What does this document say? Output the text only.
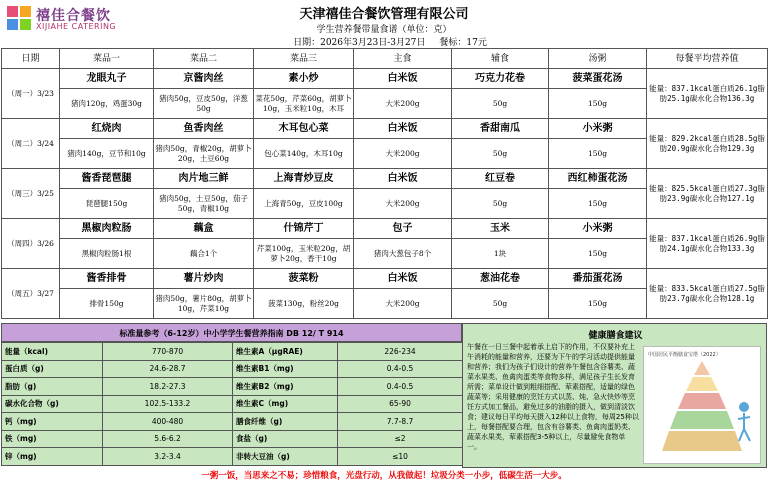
禧佳合餐饮
XIJIAHE CATERING
天津禧佳合餐饮管理有限公司
学生营养餐带量食谱（单位：克）
日期：2026年3月23日-3月27日 餐标：17元
日期	菜品一	菜品二	菜品三	主食	辅食	汤粥	每餐平均营养值
（周一）3/23	龙眼丸子	京酱肉丝	素小炒	白米饭	巧克力花卷	菠菜蛋花汤	能量：837.1kcal蛋白质26.1g脂肪25.1g碳水化合物136.3g
	猪肉120g，鸡蛋30g	猪肉50g，豆皮50g，洋葱50g	菜花50g，芹菜60g，胡萝卜10g，玉米粒10g，木耳	大米200g	50g	150g	
（周二）3/24	红烧肉	鱼香肉丝	木耳包心菜	白米饭	香甜南瓜	小米粥	能量：829.2kcal蛋白质28.5g脂肪20.9g碳水化合物129.3g
	猪肉140g，豆节和10g	猪肉50g，青椒20g，胡萝卜20g，土豆60g	包心菜140g，木耳10g	大米200g	50g	150g	
（周三）3/25	酱香琵琶腿	肉片地三鲜	上海青炒豆皮	白米饭	红豆卷	西红柿蛋花汤	能量：825.5kcal蛋白质27.3g脂肪23.9g碳水化合物127.1g
	琵琶腿150g	猪肉50g，土豆50g，茄子50g，青椒10g	上海青50g，豆皮100g	大米200g	50g	150g	
（周四）3/26	黑椒肉粒肠	藕盒	什锦芹丁	包子	玉米	小米粥	能量：837.1kcal蛋白质26.9g脂肪24.1g碳水化合物133.3g
	黑椒肉粒肠1根	藕合1个	芹菜100g，玉米粒20g，胡萝卜20g，香干10g	猪肉大葱包子8个	1块	150g	
（周五）3/27	酱香排骨	薯片炒肉	菠菜粉	白米饭	葱油花卷	番茄蛋花汤	能量：833.5kcal蛋白质27.5g脂肪23.7g碳水化合物128.1g
	排骨150g	猪肉50g，薯片80g，胡萝卜10g，芹菜10g	菠菜130g，粉丝20g	大米200g	50g	150g	
标准量参考（6-12岁）中小学学生餐营养指南 DB 12/ T 914
能量（kcal)	770-870	维生素A（μgRAE)	226-234
蛋白质（g)	24.6-28.7	维生素B1（mg)	0.4-0.5
脂肪（g)	18.2-27.3	维生素B2（mg)	0.4-0.5
碳水化合物（g)	102.5-133.2	维生素C（mg)	65-90
钙（mg)	400-480	膳食纤维（g)	7.7-8.7
铁（mg)	5.6-6.2	食盐（g)	≤2
锌（mg)	3.2-3.4	非转大豆油（g)	≤10
健康膳食建议
午餐在一日三餐中起着承上启下的作用，不仅要补充上午消耗的能量和营养，还要为下午的学习活动提供能量和营养；我们为孩子们设计的营养午餐包含谷薯类、蔬菜水果类、鱼禽肉蛋类等食物多样，满足孩子生长发育所需；菜单设计做到粗细搭配、荤素搭配，适量的绿色蔬菜等；采用健康的烹饪方式以蒸、炖、急火快炒等烹饪方式加工餐品，避免过多的油脂的摄入，做到清淡饮食；建议每日平均每天摄入12种以上食物，每周25种以上，每餐搭配要合理，包含有谷薯类、鱼禽肉蛋奶类、蔬菜水果类，荤素搭配3-5种以上，尽量避免食物单一。
中国居民平衡膳食宝塔（2022）
一粥一饭，当思来之不易；珍惜粮食，光盘行动，从我做起！垃圾分类一小步，低碳生活一大步。
